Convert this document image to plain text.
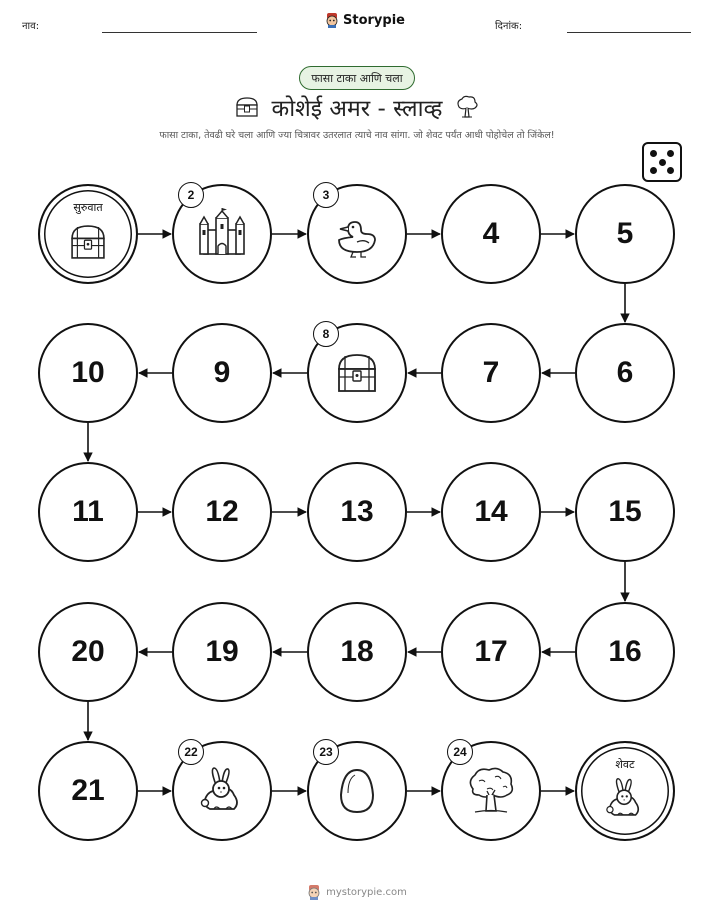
नाव:	Storypie	दिनांक:
फासा टाका आणि चला
कोशेई अमर - स्लाव्ह
फासा टाका, तेवढी घरे चला आणि ज्या चित्रावर उतरलात त्याचे नाव सांगा. जो शेवट पर्यंत आधी पोहोचेल तो जिंकेल!
सुरुवात
2	3
4	5
6
7
8
9
10
11	12	13	14	15
16
17
18
19
20
21
22	23	24
शेवट
mystorypie.com
